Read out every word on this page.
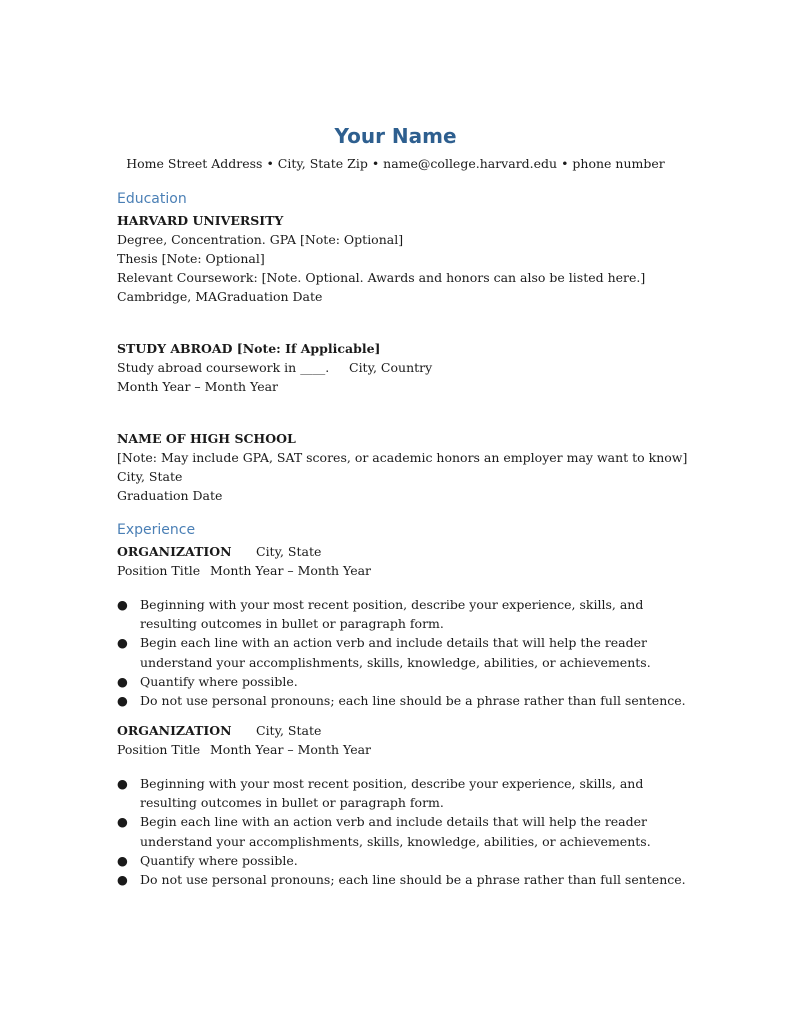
Your Name
Home Street Address • City, State Zip • name@college.harvard.edu • phone number
Education
HARVARD UNIVERSITY
Degree, Concentration. GPA [Note: Optional]
Thesis [Note: Optional]
Relevant Coursework: [Note. Optional. Awards and honors can also be listed here.]
Cambridge, MAGraduation Date
STUDY ABROAD [Note: If Applicable]
Study abroad coursework in ____. City, Country
Month Year – Month Year
NAME OF HIGH SCHOOL
[Note: May include GPA, SAT scores, or academic honors an employer may want to know]
City, State
Graduation Date
Experience
ORGANIZATION City, State
Position Title Month Year – Month Year
● Beginning with your most recent position, describe your experience, skills, and resulting outcomes in bullet or paragraph form.
● Begin each line with an action verb and include details that will help the reader understand your accomplishments, skills, knowledge, abilities, or achievements.
● Quantify where possible.
● Do not use personal pronouns; each line should be a phrase rather than full sentence.
ORGANIZATION City, State
Position Title Month Year – Month Year
● Beginning with your most recent position, describe your experience, skills, and resulting outcomes in bullet or paragraph form.
● Begin each line with an action verb and include details that will help the reader understand your accomplishments, skills, knowledge, abilities, or achievements.
● Quantify where possible.
● Do not use personal pronouns; each line should be a phrase rather than full sentence.
